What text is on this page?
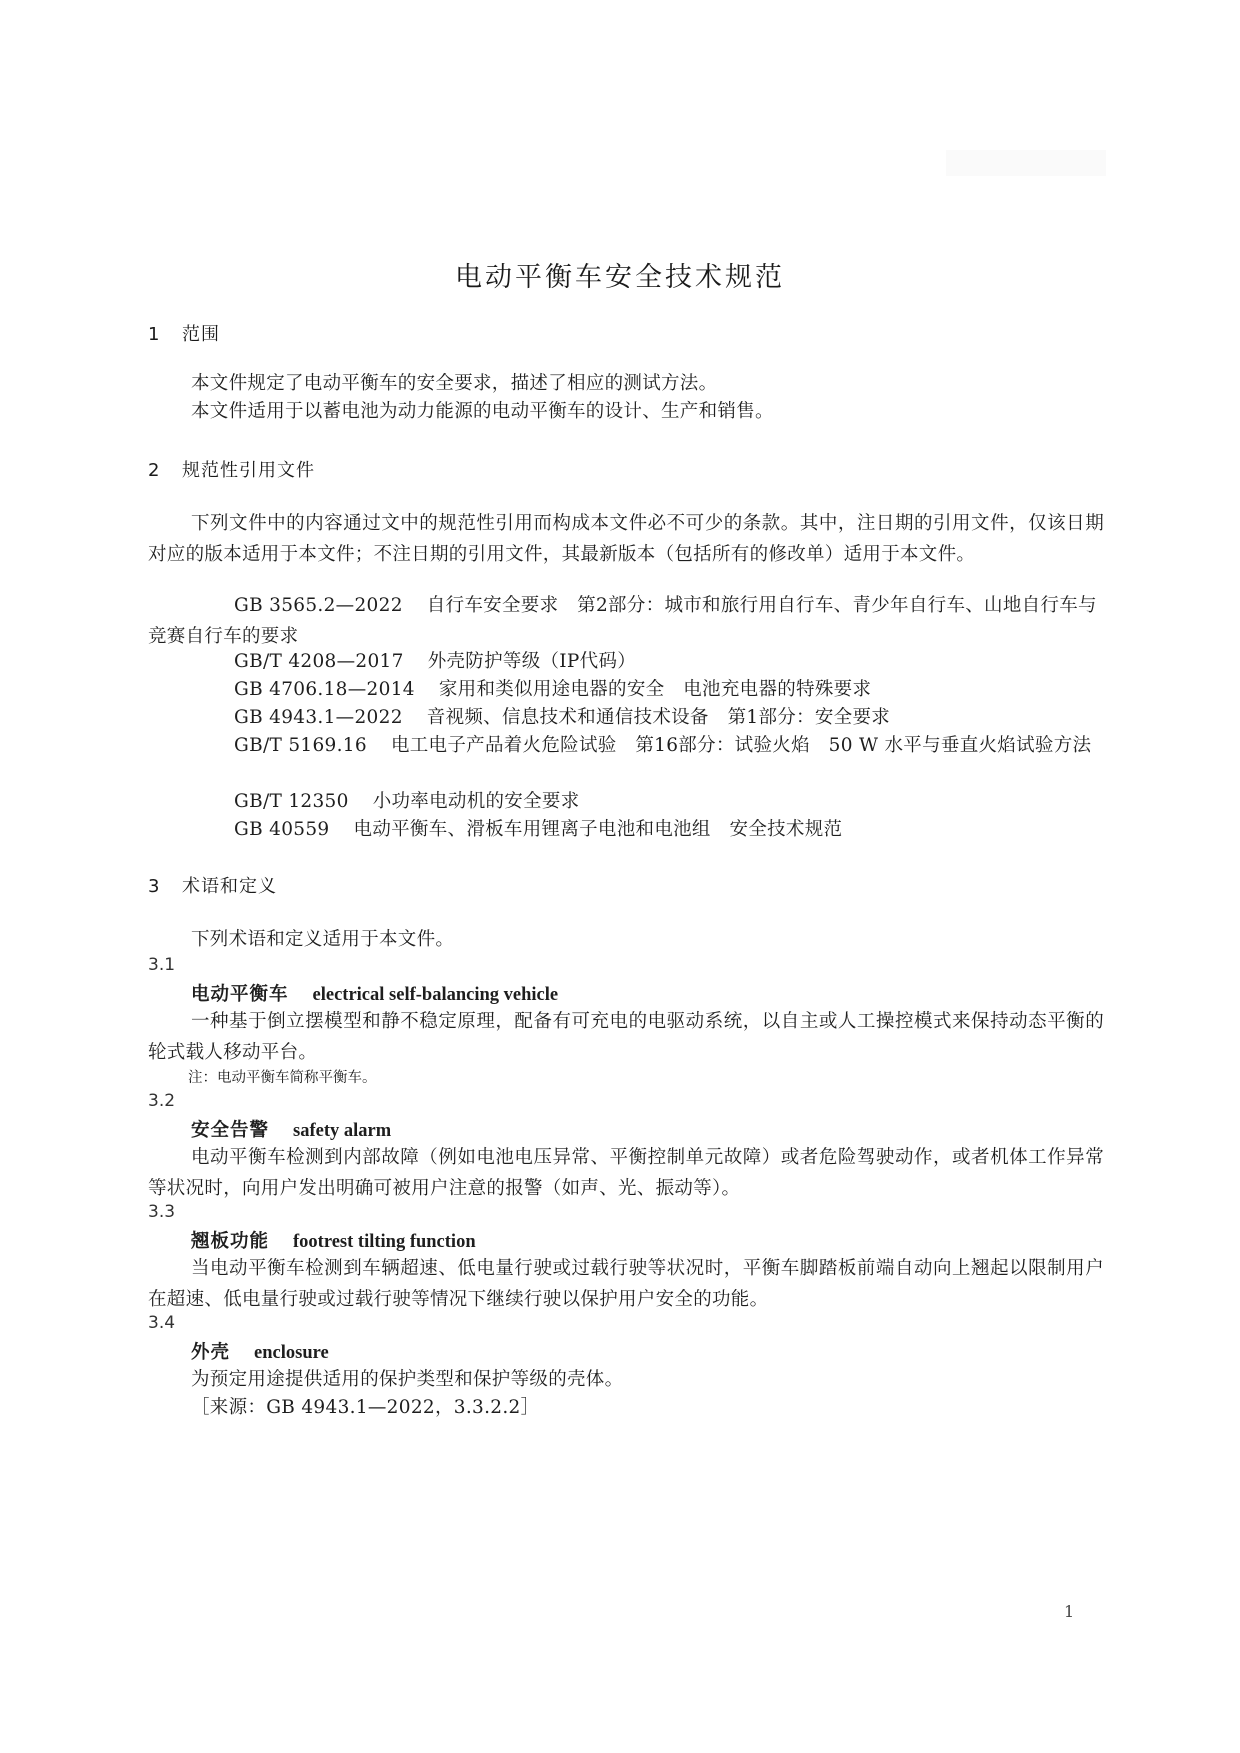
电动平衡车安全技术规范
1 范围
本文件规定了电动平衡车的安全要求，描述了相应的测试方法。
本文件适用于以蓄电池为动力能源的电动平衡车的设计、生产和销售。
2 规范性引用文件
下列文件中的内容通过文中的规范性引用而构成本文件必不可少的条款。其中，注日期的引用文件，仅该日期对应的版本适用于本文件；不注日期的引用文件，其最新版本（包括所有的修改单）适用于本文件。
GB 3565.2—2022 自行车安全要求　第2部分：城市和旅行用自行车、青少年自行车、山地自行车与竞赛自行车的要求
GB/T 4208—2017 外壳防护等级（IP代码）
GB 4706.18—2014 家用和类似用途电器的安全　电池充电器的特殊要求
GB 4943.1—2022 音视频、信息技术和通信技术设备　第1部分：安全要求
GB/T 5169.16 电工电子产品着火危险试验　第16部分：试验火焰　50 W 水平与垂直火焰试验方法
GB/T 12350 小功率电动机的安全要求
GB 40559 电动平衡车、滑板车用锂离子电池和电池组　安全技术规范
3 术语和定义
下列术语和定义适用于本文件。
3.1
电动平衡车 electrical self-balancing vehicle
一种基于倒立摆模型和静不稳定原理，配备有可充电的电驱动系统，以自主或人工操控模式来保持动态平衡的轮式载人移动平台。
注：电动平衡车简称平衡车。
3.2
安全告警 safety alarm
电动平衡车检测到内部故障（例如电池电压异常、平衡控制单元故障）或者危险驾驶动作，或者机体工作异常等状况时，向用户发出明确可被用户注意的报警（如声、光、振动等）。
3.3
翘板功能 footrest tilting function
当电动平衡车检测到车辆超速、低电量行驶或过载行驶等状况时，平衡车脚踏板前端自动向上翘起以限制用户在超速、低电量行驶或过载行驶等情况下继续行驶以保护用户安全的功能。
3.4
外壳 enclosure
为预定用途提供适用的保护类型和保护等级的壳体。
［来源：GB 4943.1—2022，3.3.2.2］
1
